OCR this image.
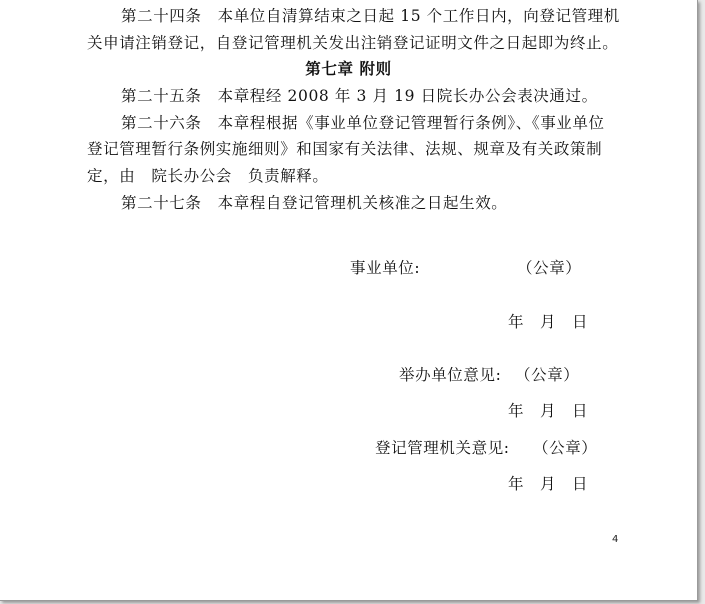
第二十四条　本单位自清算结束之日起 15 个工作日内，向登记管理机
关申请注销登记，自登记管理机关发出注销登记证明文件之日起即为终止。
第七章 附则
第二十五条　本章程经 2008 年 3 月 19 日院长办公会表决通过。
第二十六条　本章程根据《事业单位登记管理暂行条例》、《事业单位
登记管理暂行条例实施细则》和国家有关法律、法规、规章及有关政策制
定，由　院长办公会　负责解释。
第二十七条　本章程自登记管理机关核准之日起生效。
事业单位:	（公章）
年 月 日
举办单位意见: （公章）
年 月 日
登记管理机关意见: （公章）
年 月 日
4
